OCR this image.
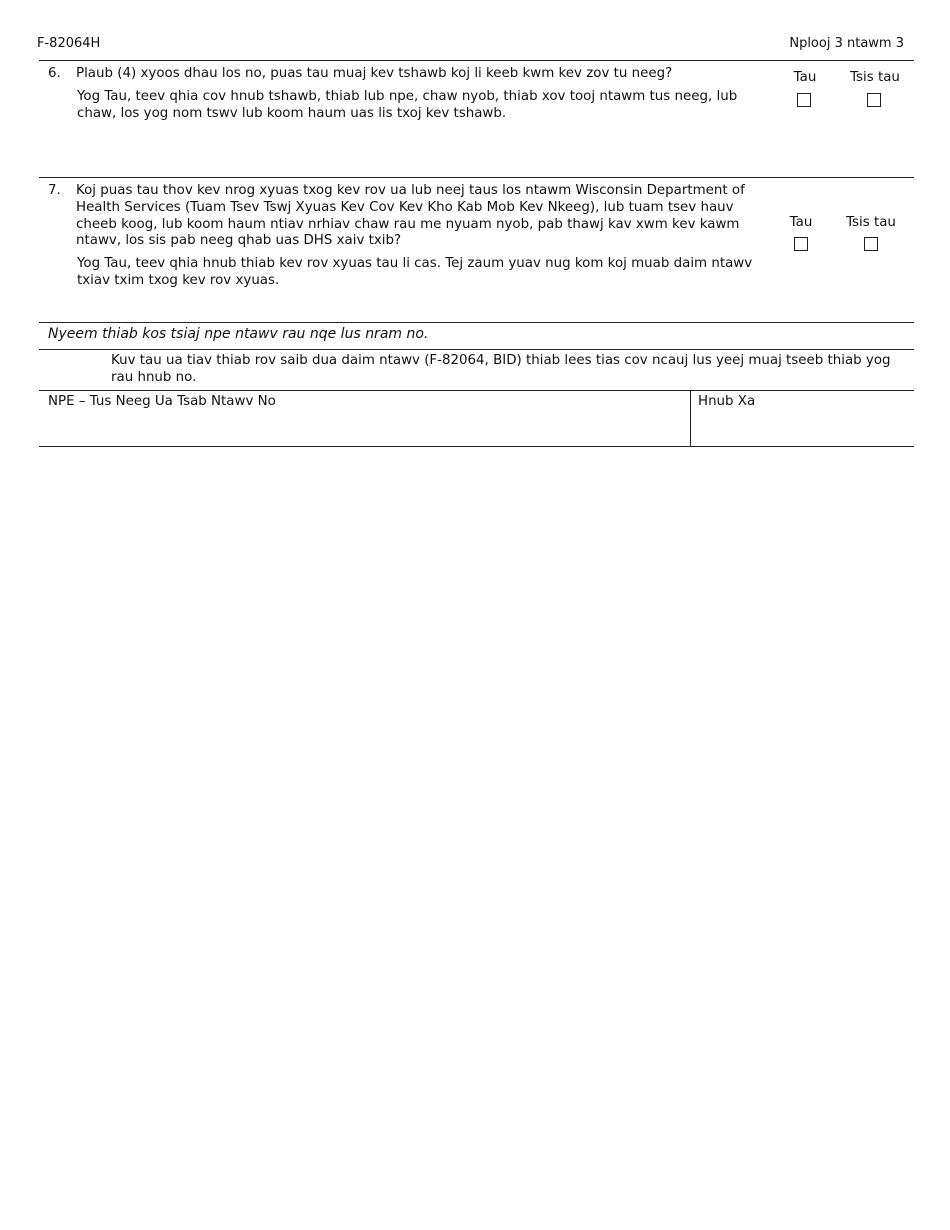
F-82064H	Nplooj 3 ntawm 3
6. Plaub (4) xyoos dhau los no, puas tau muaj kev tshawb koj li keeb kwm kev zov tu neeg?
Yog Tau, teev qhia cov hnub tshawb, thiab lub npe, chaw nyob, thiab xov tooj ntawm tus neeg, lub chaw, los yog nom tswv lub koom haum uas lis txoj kev tshawb.
Tau	Tsis tau
7. Koj puas tau thov kev nrog xyuas txog kev rov ua lub neej taus los ntawm Wisconsin Department of Health Services (Tuam Tsev Tswj Xyuas Kev Cov Kev Kho Kab Mob Kev Nkeeg), lub tuam tsev hauv cheeb koog, lub koom haum ntiav nrhiav chaw rau me nyuam nyob, pab thawj kav xwm kev kawm ntawv, los sis pab neeg qhab uas DHS xaiv txib?
Yog Tau, teev qhia hnub thiab kev rov xyuas tau li cas. Tej zaum yuav nug kom koj muab daim ntawv txiav txim txog kev rov xyuas.
Tau	Tsis tau
Nyeem thiab kos tsiaj npe ntawv rau nqe lus nram no.
Kuv tau ua tiav thiab rov saib dua daim ntawv (F-82064, BID) thiab lees tias cov ncauj lus yeej muaj tseeb thiab yog rau hnub no.
NPE – Tus Neeg Ua Tsab Ntawv No	Hnub Xa
